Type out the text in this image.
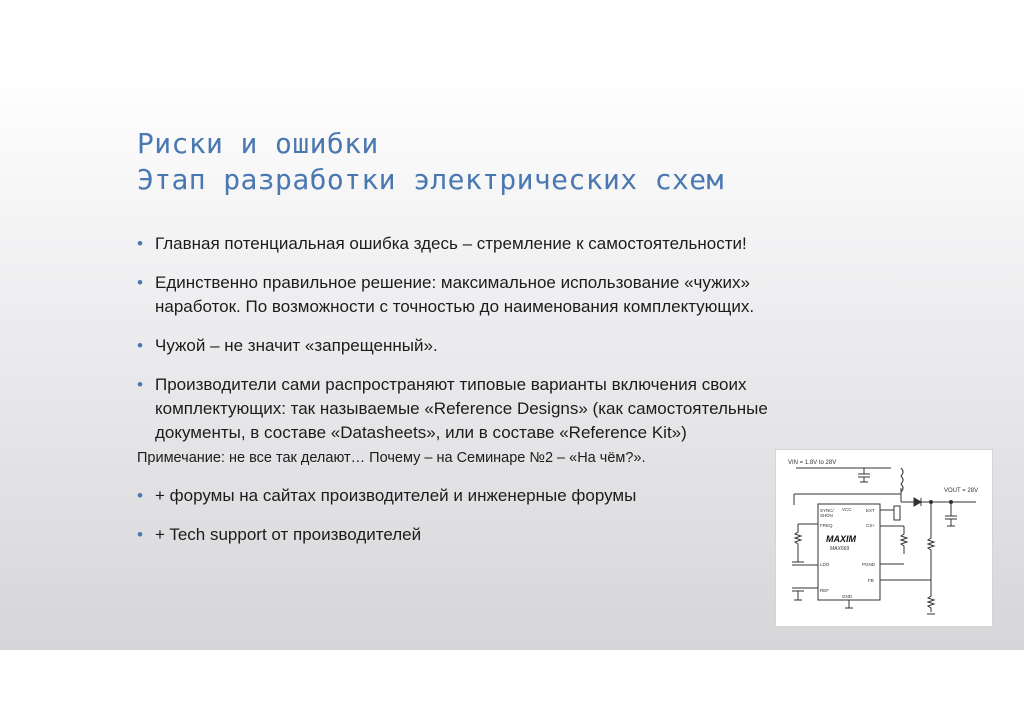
Риски и ошибки
Этап разработки электрических схем
• Главная потенциальная ошибка здесь – стремление к самостоятельности!
• Единственно правильное решение: максимальное использование «чужих»
наработок. По возможности с точностью до наименования комплектующих.
• Чужой – не значит «запрещенный».
• Производители сами распространяют типовые варианты включения своих
комплектующих: так называемые «Reference Designs» (как самостоятельные
документы, в составе «Datasheets», или в составе «Reference Kit»)
Примечание: не все так делают… Почему – на Семинаре №2 – «На чём?».
• + форумы на сайтах производителей и инженерные форумы
• + Tech support от производителей
VIN = 1.8V to 28V
VOUT = 28V
VCC
SYNC/
SHDN
FREQ
MAXIM
MAX669
LDO
REF
EXT
CS+
PGND
FB
GND
